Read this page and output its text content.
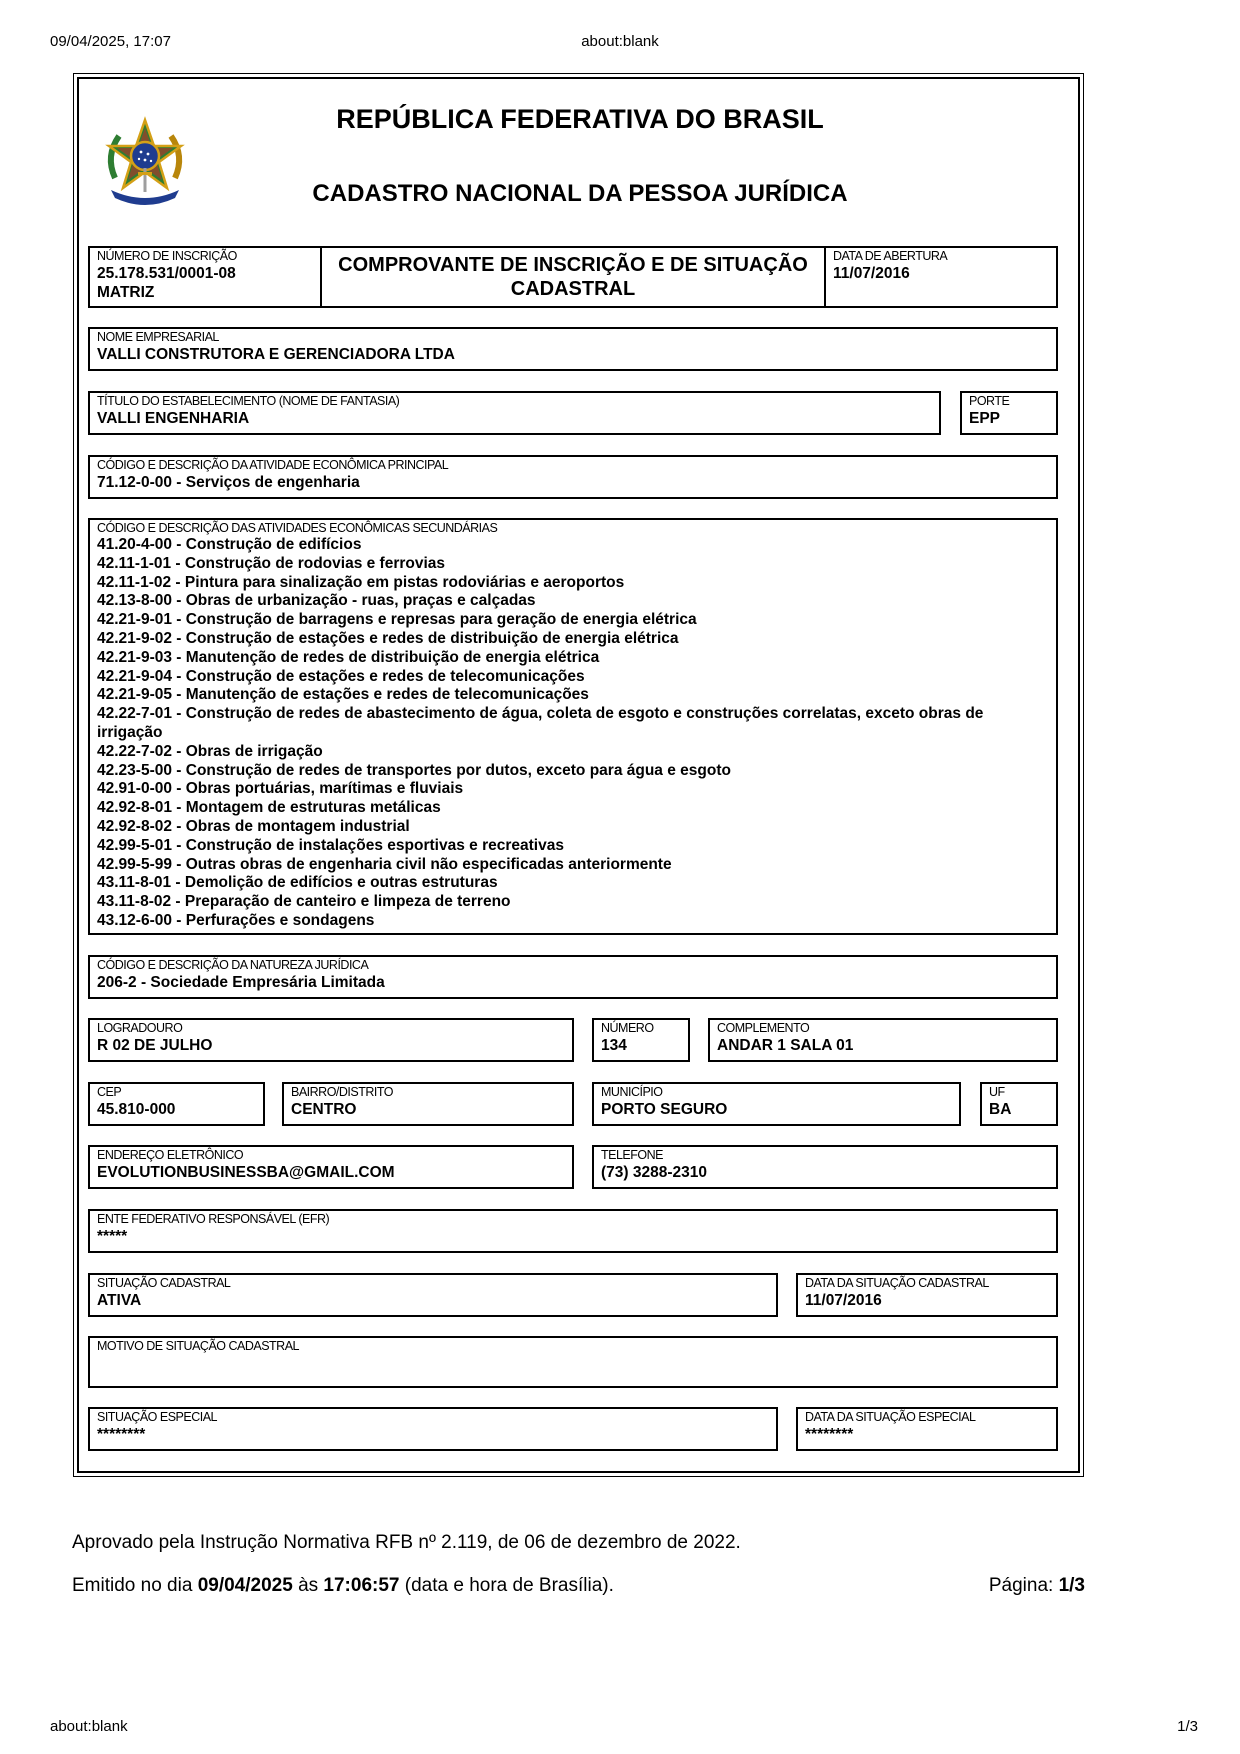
09/04/2025, 17:07	about:blank
REPÚBLICA FEDERATIVA DO BRASIL
CADASTRO NACIONAL DA PESSOA JURÍDICA
NÚMERO DE INSCRIÇÃO
25.178.531/0001-08
MATRIZ
COMPROVANTE DE INSCRIÇÃO E DE SITUAÇÃO
CADASTRAL
DATA DE ABERTURA
11/07/2016
NOME EMPRESARIAL
VALLI CONSTRUTORA E GERENCIADORA LTDA
TÍTULO DO ESTABELECIMENTO (NOME DE FANTASIA)
VALLI ENGENHARIA
PORTE
EPP
CÓDIGO E DESCRIÇÃO DA ATIVIDADE ECONÔMICA PRINCIPAL
71.12-0-00 - Serviços de engenharia
CÓDIGO E DESCRIÇÃO DAS ATIVIDADES ECONÔMICAS SECUNDÁRIAS
41.20-4-00 - Construção de edifícios
42.11-1-01 - Construção de rodovias e ferrovias
42.11-1-02 - Pintura para sinalização em pistas rodoviárias e aeroportos
42.13-8-00 - Obras de urbanização - ruas, praças e calçadas
42.21-9-01 - Construção de barragens e represas para geração de energia elétrica
42.21-9-02 - Construção de estações e redes de distribuição de energia elétrica
42.21-9-03 - Manutenção de redes de distribuição de energia elétrica
42.21-9-04 - Construção de estações e redes de telecomunicações
42.21-9-05 - Manutenção de estações e redes de telecomunicações
42.22-7-01 - Construção de redes de abastecimento de água, coleta de esgoto e construções correlatas, exceto obras de irrigação
42.22-7-02 - Obras de irrigação
42.23-5-00 - Construção de redes de transportes por dutos, exceto para água e esgoto
42.91-0-00 - Obras portuárias, marítimas e fluviais
42.92-8-01 - Montagem de estruturas metálicas
42.92-8-02 - Obras de montagem industrial
42.99-5-01 - Construção de instalações esportivas e recreativas
42.99-5-99 - Outras obras de engenharia civil não especificadas anteriormente
43.11-8-01 - Demolição de edifícios e outras estruturas
43.11-8-02 - Preparação de canteiro e limpeza de terreno
43.12-6-00 - Perfurações e sondagens
CÓDIGO E DESCRIÇÃO DA NATUREZA JURÍDICA
206-2 - Sociedade Empresária Limitada
LOGRADOURO
R 02 DE JULHO
NÚMERO
134
COMPLEMENTO
ANDAR 1 SALA 01
CEP
45.810-000
BAIRRO/DISTRITO
CENTRO
MUNICÍPIO
PORTO SEGURO
UF
BA
ENDEREÇO ELETRÔNICO
EVOLUTIONBUSINESSBA@GMAIL.COM
TELEFONE
(73) 3288-2310
ENTE FEDERATIVO RESPONSÁVEL (EFR)
*****
SITUAÇÃO CADASTRAL
ATIVA
DATA DA SITUAÇÃO CADASTRAL
11/07/2016
MOTIVO DE SITUAÇÃO CADASTRAL
SITUAÇÃO ESPECIAL
********
DATA DA SITUAÇÃO ESPECIAL
********
Aprovado pela Instrução Normativa RFB nº 2.119, de 06 de dezembro de 2022.
Emitido no dia 09/04/2025 às 17:06:57 (data e hora de Brasília).	Página: 1/3
about:blank	1/3
